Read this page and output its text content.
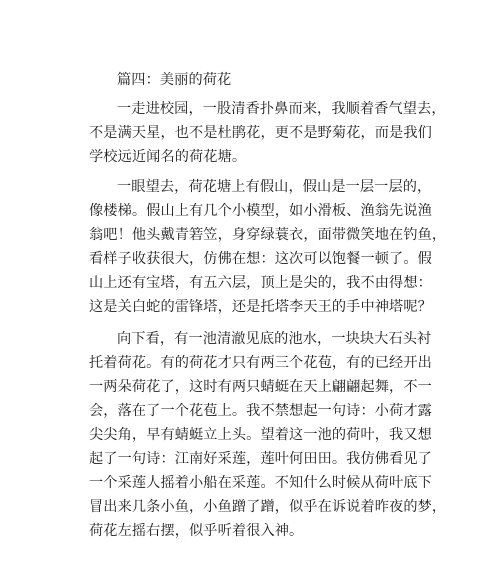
篇四：美丽的荷花
一走进校园，一股清香扑鼻而来，我顺着香气望去，
不是满天星，也不是杜鹃花，更不是野菊花，而是我们
学校远近闻名的荷花塘。
一眼望去，荷花塘上有假山，假山是一层一层的，
像楼梯。假山上有几个小模型，如小滑板、渔翁先说渔
翁吧！他头戴青箬笠，身穿绿蓑衣，面带微笑地在钓鱼，
看样子收获很大，仿佛在想：这次可以饱餐一顿了。假
山上还有宝塔，有五六层，顶上是尖的，我不由得想：
这是关白蛇的雷锋塔，还是托塔李天王的手中神塔呢？
向下看，有一池清澈见底的池水，一块块大石头衬
托着荷花。有的荷花才只有两三个花苞，有的已经开出
一两朵荷花了，这时有两只蜻蜓在天上翩翩起舞，不一
会，落在了一个花苞上。我不禁想起一句诗：小荷才露
尖尖角，早有蜻蜓立上头。望着这一池的荷叶，我又想
起了一句诗：江南好采莲，莲叶何田田。我仿佛看见了
一个采莲人摇着小船在采莲。不知什么时候从荷叶底下
冒出来几条小鱼，小鱼蹭了蹭，似乎在诉说着昨夜的梦，
荷花左摇右摆，似乎听着很入神。
